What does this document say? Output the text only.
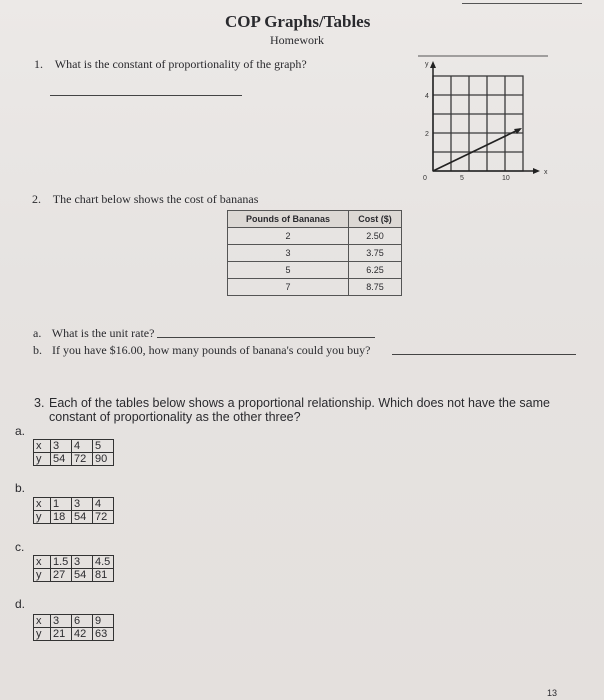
COP Graphs/Tables
Homework
1. What is the constant of proportionality of the graph?	y
x
4
2
0	5	10
2. The chart below shows the cost of bananas
Pounds of Bananas	Cost ($)
2	2.50
3	3.75
5	6.25
7	8.75
a. What is the unit rate?
b. If you have $16.00, how many pounds of banana's could you buy?
3. Each of the tables below shows a proportional relationship. Which does not have the same
constant of proportionality as the other three?
a.
x	3	4	5
y	54	72	90
b.
x	1	3	4
y	18	54	72
c.
x	1.5	3	4.5
y	27	54	81
d.
x	3	6	9
y	21	42	63
13
